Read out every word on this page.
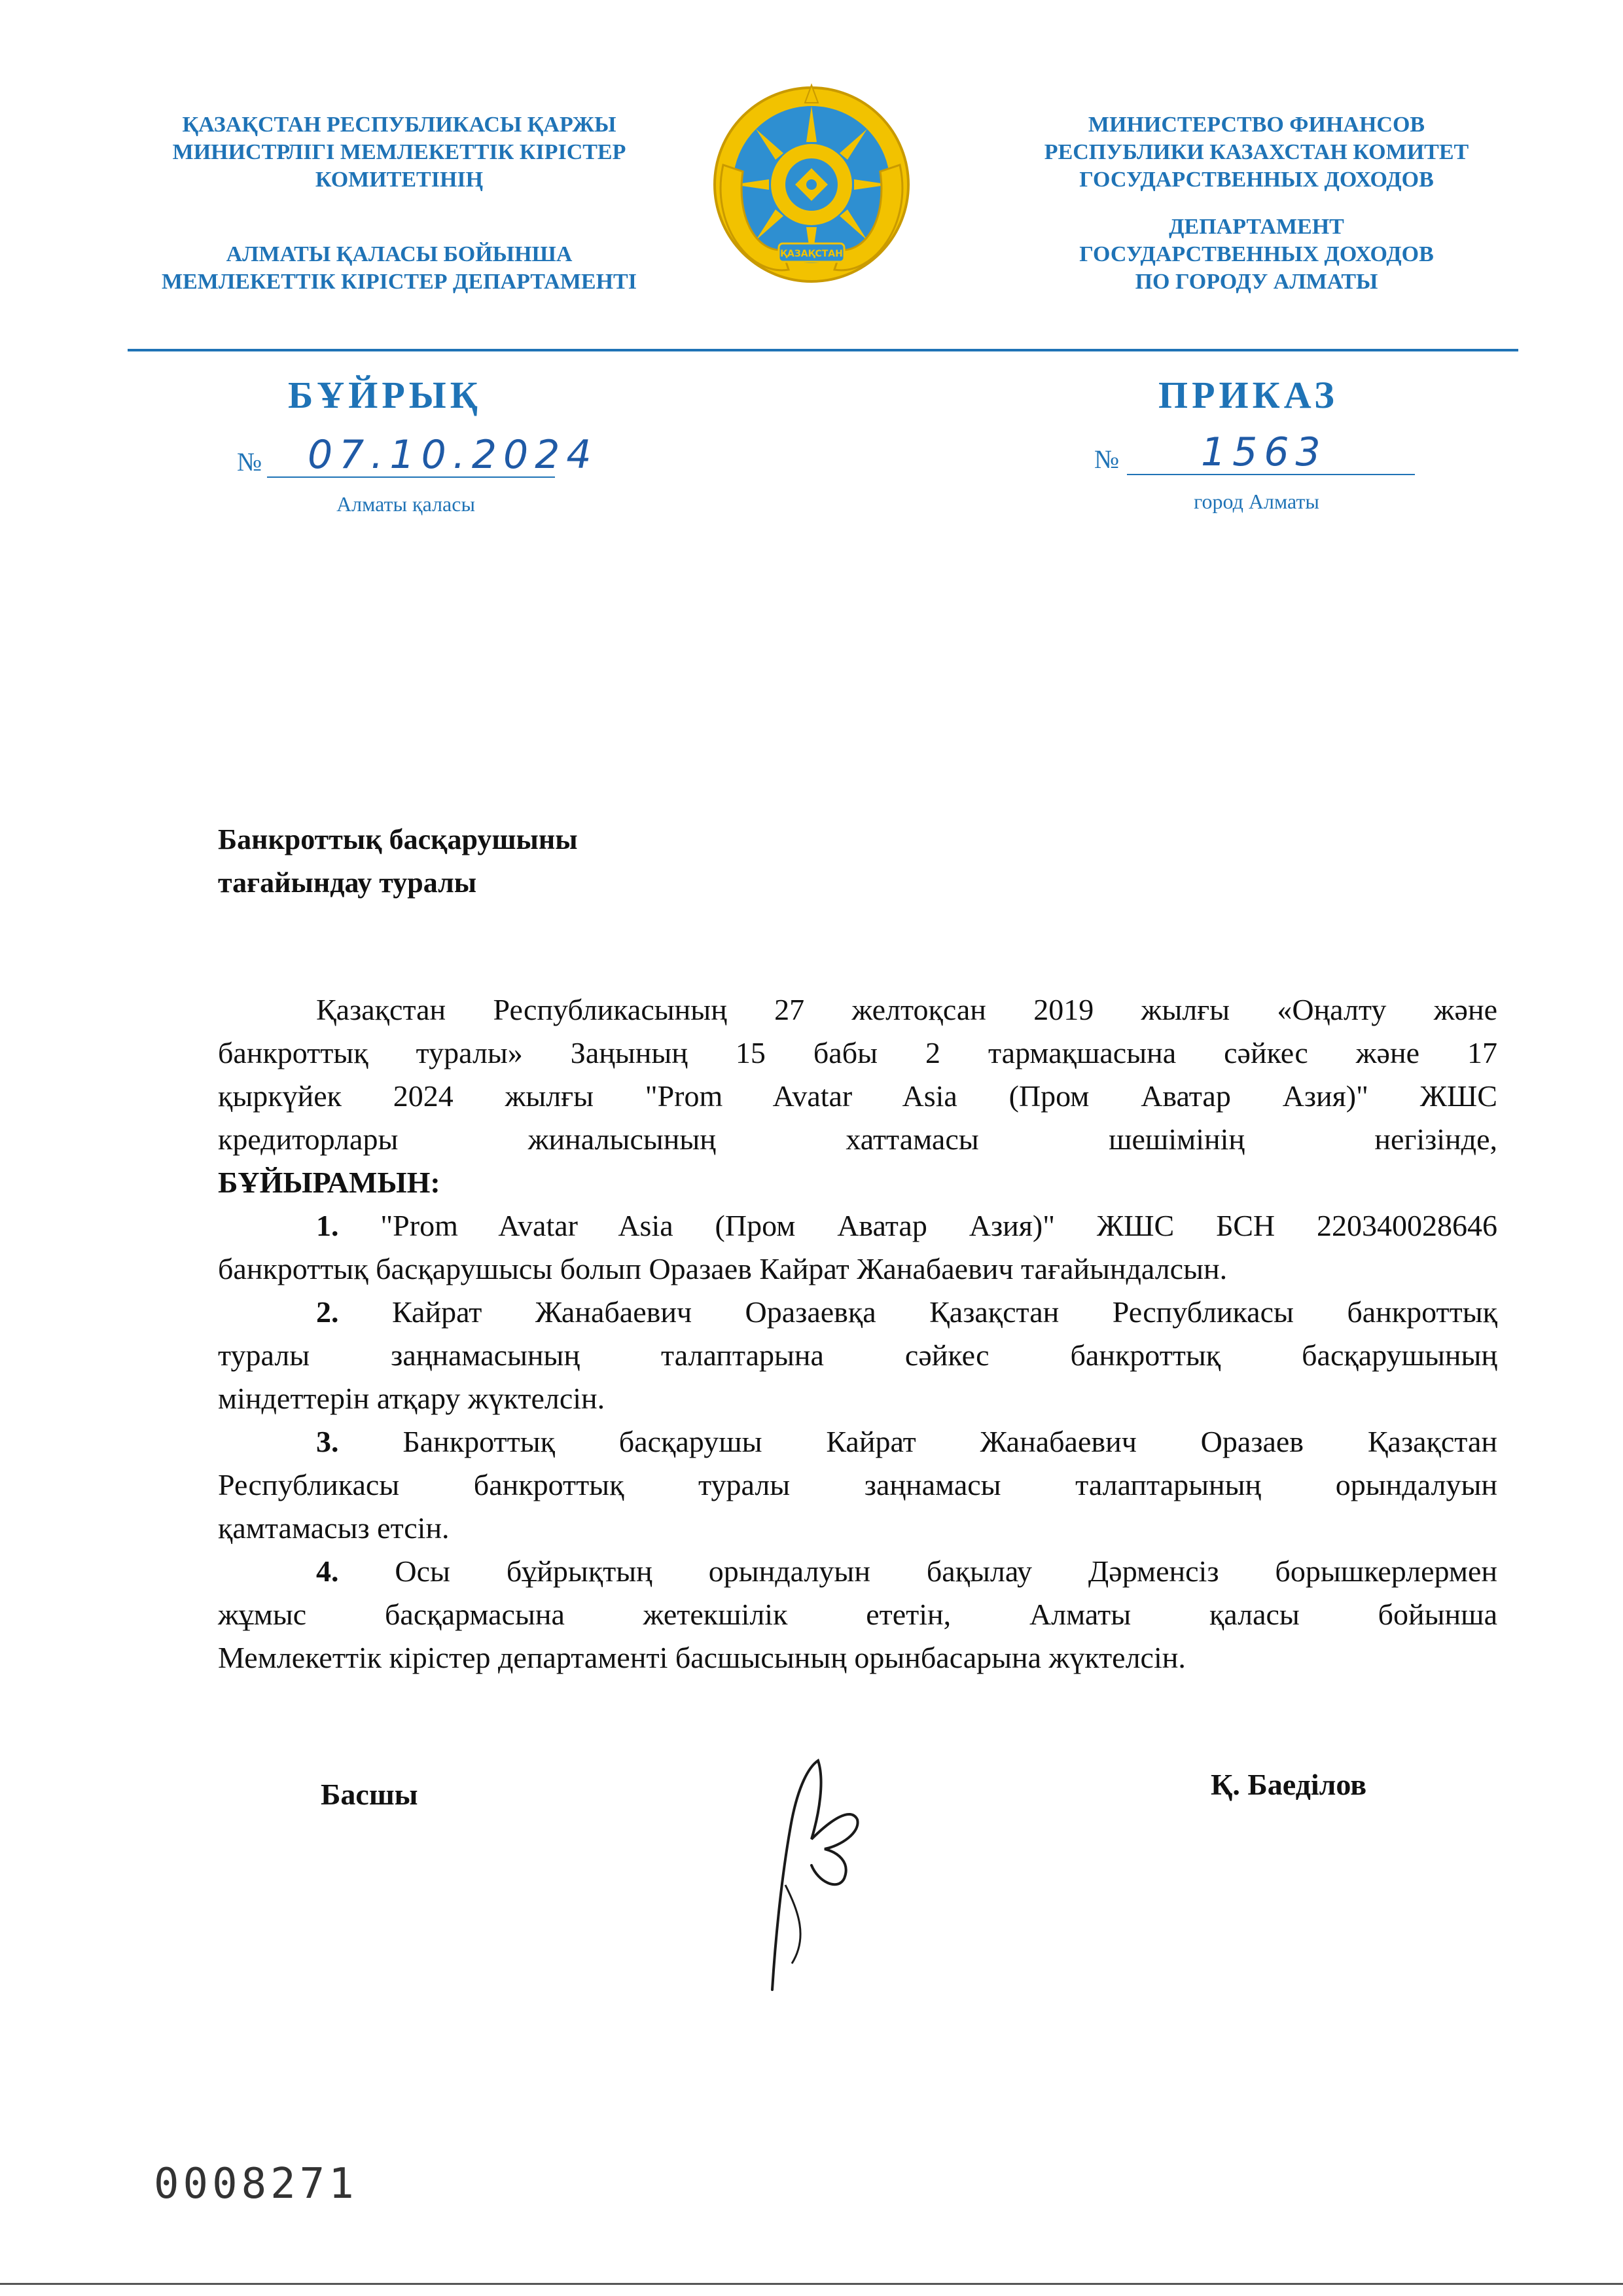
ҚАЗАҚСТАН РЕСПУБЛИКАСЫ ҚАРЖЫ
МИНИСТРЛІГІ МЕМЛЕКЕТТІК КІРІСТЕР
КОМИТЕТІНІҢ
АЛМАТЫ ҚАЛАСЫ БОЙЫНША
МЕМЛЕКЕТТІК КІРІСТЕР ДЕПАРТАМЕНТІ
ҚАЗАҚСТАН
МИНИСТЕРСТВО ФИНАНСОВ
РЕСПУБЛИКИ КАЗАХСТАН КОМИТЕТ
ГОСУДАРСТВЕННЫХ ДОХОДОВ
ДЕПАРТАМЕНТ
ГОСУДАРСТВЕННЫХ ДОХОДОВ
ПО ГОРОДУ АЛМАТЫ
БҰЙРЫҚ
№ 07.10.2024
Алматы қаласы
ПРИКАЗ
№ 1563
город Алматы
Банкроттық басқарушыны
тағайындау туралы

Қазақстан Республикасының 27 желтоқсан 2019 жылғы «Оңалту және

банкроттық туралы» Заңының 15 бабы 2 тармақшасына сәйкес және 17

қыркүйек 2024 жылғы "Prom Avatar Asia (Пром Аватар Азия)" ЖШС

кредиторлары жиналысының хаттамасы шешімінің негізінде,

БҰЙЫРАМЫН:

1. "Prom Avatar Asia (Пром Аватар Азия)" ЖШС БСН 220340028646

банкроттық басқарушысы болып Оразаев Кайрат Жанабаевич тағайындалсын.

2. Кайрат Жанабаевич Оразаевқа Қазақстан Республикасы банкроттық

туралы заңнамасының талаптарына сәйкес банкроттық басқарушының

міндеттерін атқару жүктелсін.

3. Банкроттық басқарушы Кайрат Жанабаевич Оразаев Қазақстан

Республикасы банкроттық туралы заңнамасы талаптарының орындалуын

қамтамасыз етсін.

4. Осы бұйрықтың орындалуын бақылау Дәрменсіз борышкерлермен

жұмыс басқармасына жетекшілік ететін, Алматы қаласы бойынша

Мемлекеттік кірістер департаменті басшысының орынбасарына жүктелсін.

Басшы	Қ. Баеділов
0008271
